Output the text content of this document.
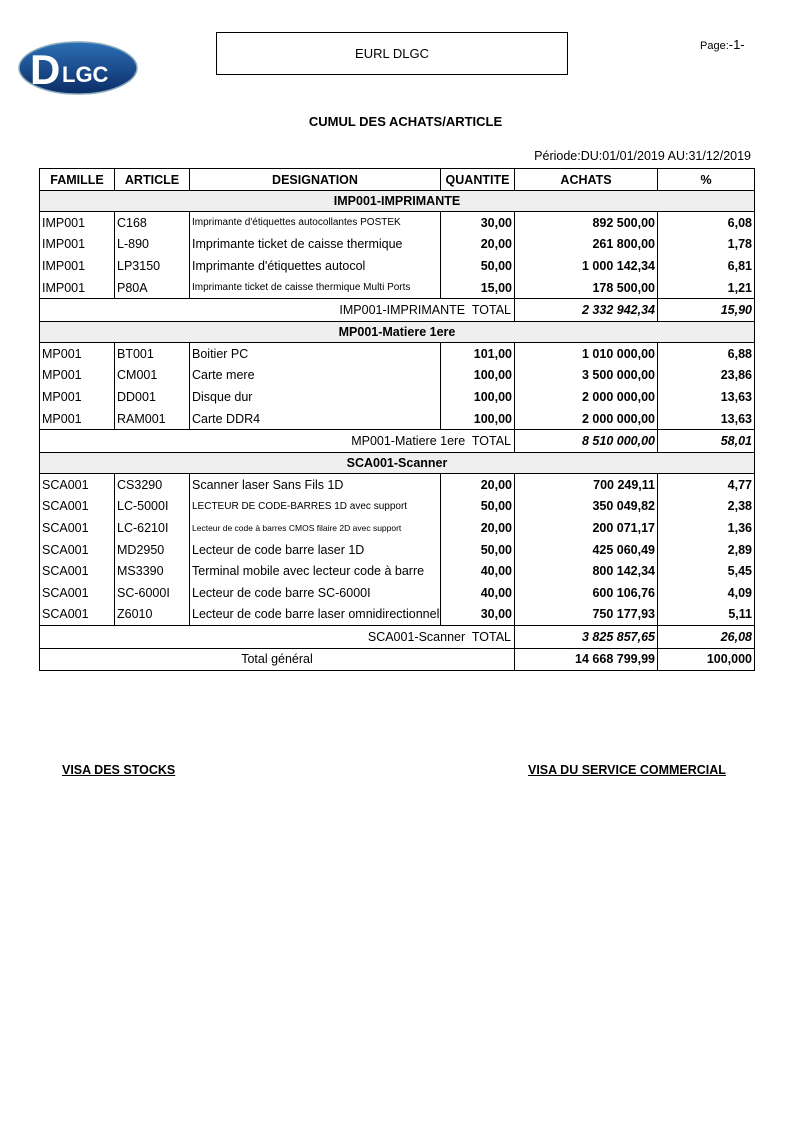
D LGC
EURL DLGC	Page:-1-
CUMUL DES ACHATS/ARTICLE
Période:DU:01/01/2019 AU:31/12/2019
FAMILLE	ARTICLE	DESIGNATION	QUANTITE	ACHATS	%
IMP001-IMPRIMANTE					
IMP001	C168	Imprimante d'étiquettes autocollantes POSTEK	30,00	892 500,00	6,08
IMP001	L-890	Imprimante ticket de caisse thermique	20,00	261 800,00	1,78
IMP001	LP3150	Imprimante d'étiquettes autocol	50,00	1 000 142,34	6,81
IMP001	P80A	Imprimante ticket de caisse thermique Multi Ports	15,00	178 500,00	1,21
IMP001-IMPRIMANTE  TOTAL				2 332 942,34	15,90
MP001-Matiere 1ere					
MP001	BT001	Boitier PC	101,00	1 010 000,00	6,88
MP001	CM001	Carte mere	100,00	3 500 000,00	23,86
MP001	DD001	Disque dur	100,00	2 000 000,00	13,63
MP001	RAM001	Carte DDR4	100,00	2 000 000,00	13,63
MP001-Matiere 1ere  TOTAL				8 510 000,00	58,01
SCA001-Scanner					
SCA001	CS3290	Scanner laser Sans Fils 1D	20,00	700 249,11	4,77
SCA001	LC-5000I	LECTEUR DE CODE-BARRES 1D avec support	50,00	350 049,82	2,38
SCA001	LC-6210I	Lecteur de code à barres CMOS filaire 2D avec support	20,00	200 071,17	1,36
SCA001	MD2950	Lecteur de code barre laser 1D	50,00	425 060,49	2,89
SCA001	MS3390	Terminal mobile avec lecteur code à barre	40,00	800 142,34	5,45
SCA001	SC-6000I	Lecteur de code barre SC-6000I	40,00	600 106,76	4,09
SCA001	Z6010	Lecteur de code barre laser omnidirectionnel	30,00	750 177,93	5,11
SCA001-Scanner  TOTAL				3 825 857,65	26,08
Total général				14 668 799,99	100,000
VISA DES STOCKS	VISA DU SERVICE COMMERCIAL
